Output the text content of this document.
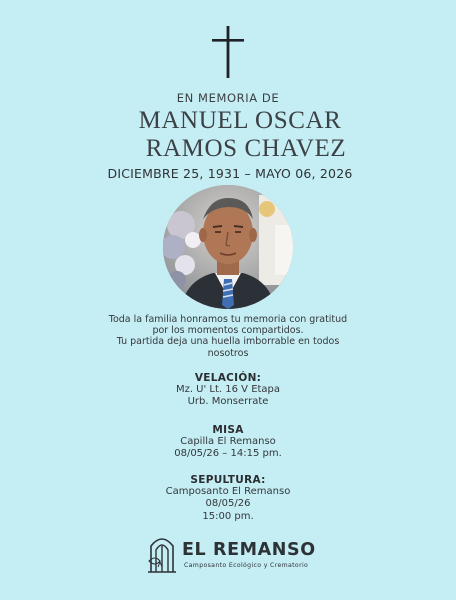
EN MEMORIA DE
MANUEL OSCAR
RAMOS CHAVEZ
DICIEMBRE 25, 1931 – MAYO 06, 2026
Toda la familia honramos tu memoria con gratitud
por los momentos compartidos.
Tu partida deja una huella imborrable en todos
nosotros
VELACIÓN:
Mz. U' Lt. 16 V Etapa
Urb. Monserrate
MISA
Capilla El Remanso
08/05/26 – 14:15 pm.
SEPULTURA:
Camposanto El Remanso
08/05/26
15:00 pm.
EL REMANSO
Camposanto Ecológico y Crematorio
